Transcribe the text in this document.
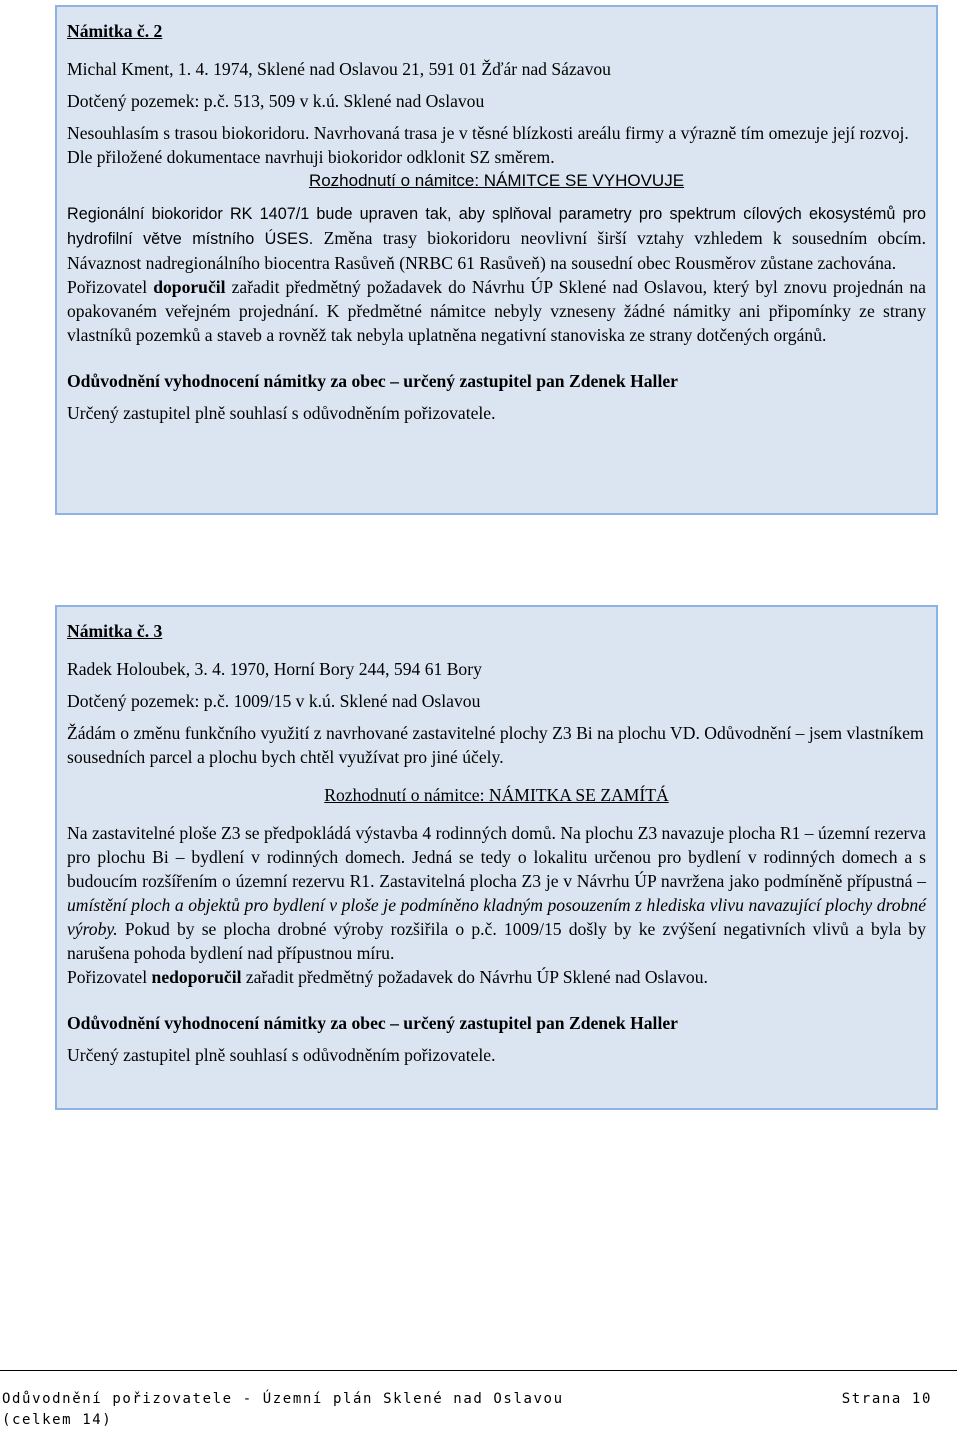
Námitka č. 2

Michal Kment, 1. 4. 1974, Sklené nad Oslavou 21, 591 01 Žďár nad Sázavou

Dotčený pozemek: p.č. 513, 509 v k.ú. Sklené nad Oslavou

Nesouhlasím s trasou biokoridoru. Navrhovaná trasa je v těsné blízkosti areálu firmy a výrazně tím omezuje její rozvoj. Dle přiložené dokumentace navrhuji biokoridor odklonit SZ směrem.

Rozhodnutí o námitce: NÁMITCE SE VYHOVUJE

Regionální biokoridor RK 1407/1 bude upraven tak, aby splňoval parametry pro spektrum cílových ekosystémů pro hydrofilní větve místního ÚSES. Změna trasy biokoridoru neovlivní širší vztahy vzhledem k sousedním obcím. Návaznost nadregionálního biocentra Rasůveň (NRBC 61 Rasůveň) na sousední obec Rousměrov zůstane zachována.

Pořizovatel doporučil zařadit předmětný požadavek do Návrhu ÚP Sklené nad Oslavou, který byl znovu projednán na opakovaném veřejném projednání. K předmětné námitce nebyly vzneseny žádné námitky ani připomínky ze strany vlastníků pozemků a staveb a rovněž tak nebyla uplatněna negativní stanoviska ze strany dotčených orgánů.

Odůvodnění vyhodnocení námitky za obec – určený zastupitel pan Zdenek Haller

Určený zastupitel plně souhlasí s odůvodněním pořizovatele.

Námitka č. 3

Radek Holoubek, 3. 4. 1970, Horní Bory 244, 594 61 Bory

Dotčený pozemek: p.č. 1009/15 v k.ú. Sklené nad Oslavou

Žádám o změnu funkčního využití z navrhované zastavitelné plochy Z3 Bi na plochu VD. Odůvodnění – jsem vlastníkem sousedních parcel a plochu bych chtěl využívat pro jiné účely.

Rozhodnutí o námitce: NÁMITKA SE ZAMÍTÁ

Na zastavitelné ploše Z3 se předpokládá výstavba 4 rodinných domů. Na plochu Z3 navazuje plocha R1 – územní rezerva pro plochu Bi – bydlení v rodinných domech. Jedná se tedy o lokalitu určenou pro bydlení v rodinných domech a s budoucím rozšířením o územní rezervu R1. Zastavitelná plocha Z3 je v Návrhu ÚP navržena jako podmíněně přípustná – umístění ploch a objektů pro bydlení v ploše je podmíněno kladným posouzením z hlediska vlivu navazující plochy drobné výroby. Pokud by se plocha drobné výroby rozšiřila o p.č. 1009/15 došly by ke zvýšení negativních vlivů a byla by narušena pohoda bydlení nad přípustnou míru.

Pořizovatel nedoporučil zařadit předmětný požadavek do Návrhu ÚP Sklené nad Oslavou.

Odůvodnění vyhodnocení námitky za obec – určený zastupitel pan Zdenek Haller

Určený zastupitel plně souhlasí s odůvodněním pořizovatele.

Odůvodnění pořizovatele - Územní plán Sklené nad Oslavou
(celkem 14)
Strana 10
